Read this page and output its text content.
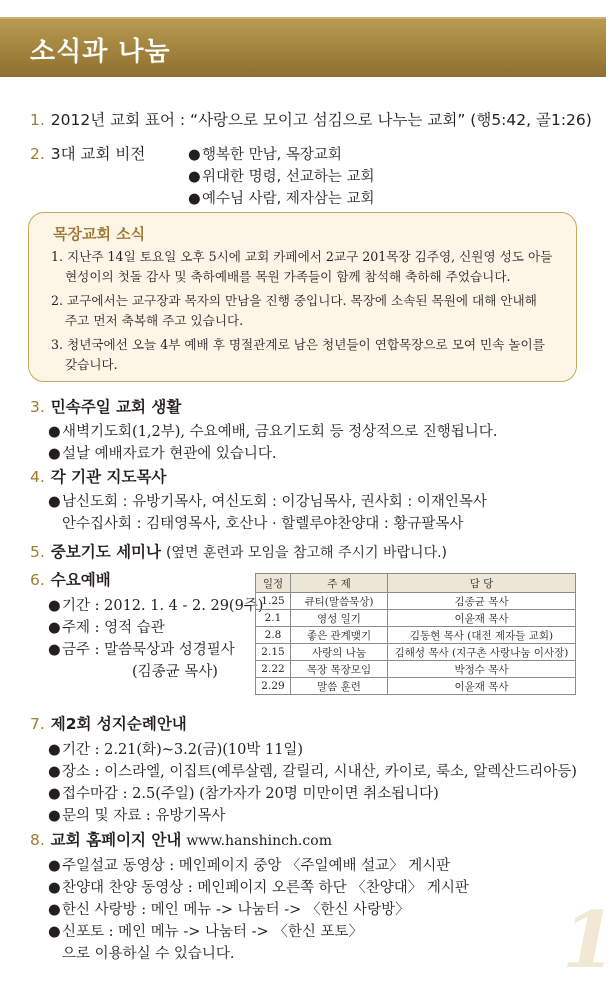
소식과 나눔
1. 2012년 교회 표어 : “사랑으로 모이고 섬김으로 나누는 교회” (행5:42, 골1:26)
2. 3대 교회 비전	●행복한 만남, 목장교회
●위대한 명령, 선교하는 교회
●예수님 사람, 제자삼는 교회
목장교회 소식
1. 지난주 14일 토요일 오후 5시에 교회 카페에서 2교구 201목장 김주영, 신원영 성도 아들
현성이의 첫돌 감사 및 축하예배를 목원 가족들이 함께 참석해 축하해 주었습니다.
2. 교구에서는 교구장과 목자의 만남을 진행 중입니다. 목장에 소속된 목원에 대해 안내해
주고 먼저 축복해 주고 있습니다.
3. 청년국에선 오늘 4부 예배 후 명절관계로 남은 청년들이 연합목장으로 모여 민속 놀이를
갖습니다.
3. 민속주일 교회 생활
●새벽기도회(1,2부), 수요예배, 금요기도회 등 정상적으로 진행됩니다.
●설날 예배자료가 현관에 있습니다.
4. 각 기관 지도목사
●남신도회 : 유방기목사, 여신도회 : 이강님목사, 권사회 : 이재인목사
안수집사회 : 김태영목사, 호산나 · 할렐루야찬양대 : 황규팔목사
5. 중보기도 세미나 (옆면 훈련과 모임을 참고해 주시기 바랍니다.)
6. 수요예배
●기간 : 2012. 1. 4 - 2. 29(9주)
●주제 : 영적 습관
●금주 : 말씀묵상과 성경필사
(김종균 목사)
일정	주 제	담 당
1.25	큐티(말씀묵상)	김종균 목사
2.1	영성 일기	이윤재 목사
2.8	좋은 관계맺기	김동현 목사 (대전 제자들 교회)
2.15	사랑의 나눔	김해성 목사 (지구촌 사랑나눔 이사장)
2.22	목장 목장모임	박정수 목사
2.29	말씀 훈련	이윤재 목사
7. 제2회 성지순례안내
●기간 : 2.21(화)~3.2(금)(10박 11일)
●장소 : 이스라엘, 이집트(예루살렘, 갈릴리, 시내산, 카이로, 룩소, 알렉산드리아등)
●접수마감 : 2.5(주일) (참가자가 20명 미만이면 취소됩니다)
●문의 및 자료 : 유방기목사
8. 교회 홈페이지 안내 www.hanshinch.com
●주일설교 동영상 : 메인페이지 중앙 〈주일예배 설교〉 게시판
●찬양대 찬양 동영상 : 메인페이지 오른쪽 하단 〈찬양대〉 게시판
●한신 사랑방 : 메인 메뉴 -> 나눔터 -> 〈한신 사랑방〉
●신포토 : 메인 메뉴 -> 나눔터 -> 〈한신 포토〉
으로 이용하실 수 있습니다.	1
